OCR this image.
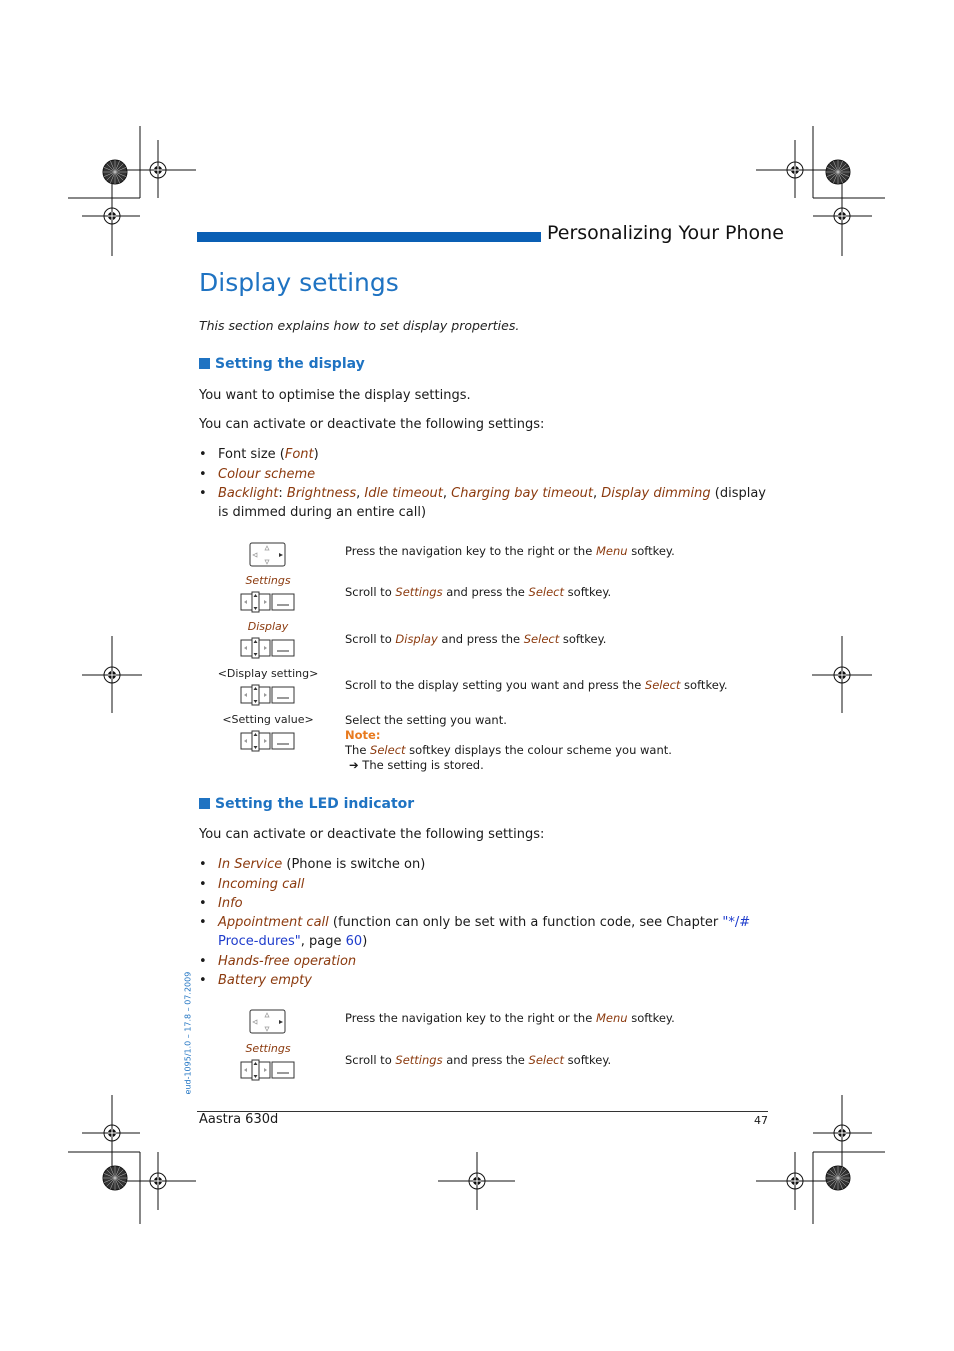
Personalizing Your Phone
Display settings
This section explains how to set display properties.
Setting the display
You want to optimise the display settings.
You can activate or deactivate the following settings:
• Font size (Font)
• Colour scheme
• Backlight: Brightness, Idle timeout, Charging bay timeout, Display dimming (display is dimmed during an entire call)
Press the navigation key to the right or the Menu softkey.
Settings
Scroll to Settings and press the Select softkey.
Display
Scroll to Display and press the Select softkey.
<Display setting>
Scroll to the display setting you want and press the Select softkey.
<Setting value>	Select the setting you want.
Note:
The Select softkey displays the colour scheme you want.
➔ The setting is stored.
Setting the LED indicator
You can activate or deactivate the following settings:
• In Service (Phone is switche on)
• Incoming call
• Info
• Appointment call (function can only be set with a function code, see Chapter "*/# Proce-dures", page 60)
• Hands-free operation
• Battery empty
Press the navigation key to the right or the Menu softkey.
Settings
Scroll to Settings and press the Select softkey.
eud-1095/1.0 – 17.8 – 07.2009
Aastra 630d	47
